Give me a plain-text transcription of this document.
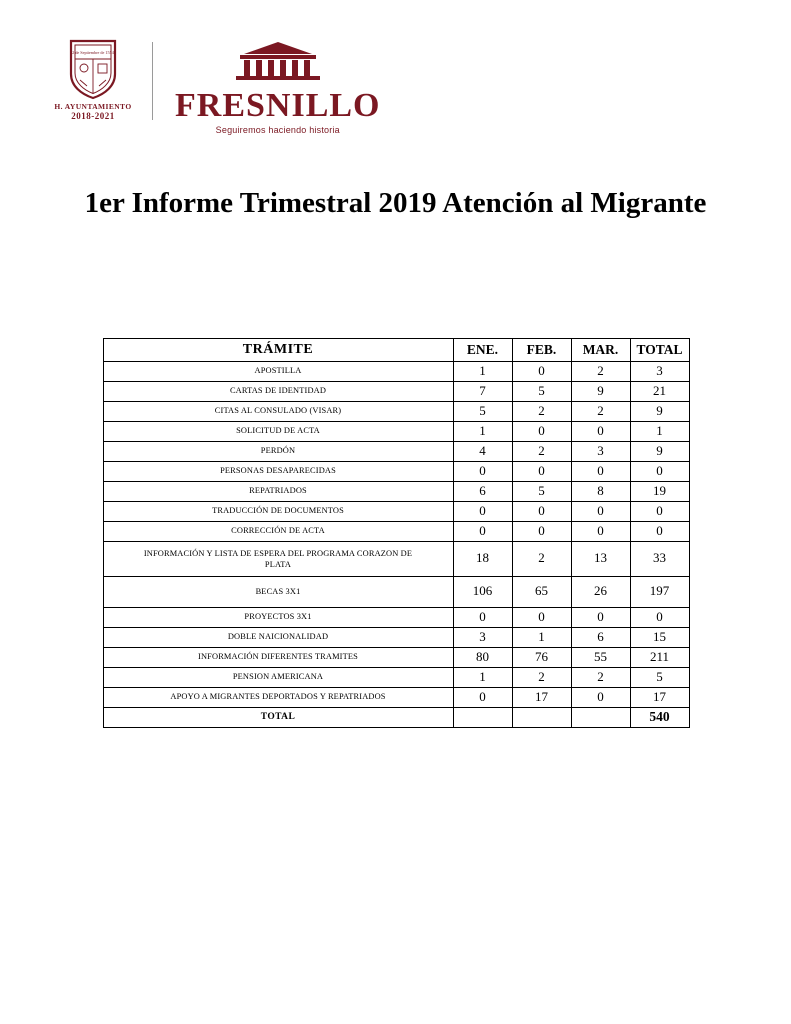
2 de Septiembre de 1554
H. AYUNTAMIENTO
2018-2021 FRESNILLO
Seguiremos haciendo historia
1er Informe Trimestral 2019 Atención al Migrante
TRÁMITE	ENE.	FEB.	MAR.	TOTAL
APOSTILLA	1	0	2	3
CARTAS DE IDENTIDAD	7	5	9	21
CITAS AL CONSULADO (VISAR)	5	2	2	9
SOLICITUD DE ACTA	1	0	0	1
PERDÓN	4	2	3	9
PERSONAS DESAPARECIDAS	0	0	0	0
REPATRIADOS	6	5	8	19
TRADUCCIÓN DE DOCUMENTOS	0	0	0	0
CORRECCIÓN DE ACTA	0	0	0	0
INFORMACIÓN Y LISTA DE ESPERA DEL PROGRAMA CORAZON DE PLATA	18	2	13	33
BECAS 3X1	106	65	26	197
PROYECTOS 3X1	0	0	0	0
DOBLE NAICIONALIDAD	3	1	6	15
INFORMACIÓN DIFERENTES TRAMITES	80	76	55	211
PENSION AMERICANA	1	2	2	5
APOYO A MIGRANTES DEPORTADOS Y REPATRIADOS	0	17	0	17
TOTAL				540
